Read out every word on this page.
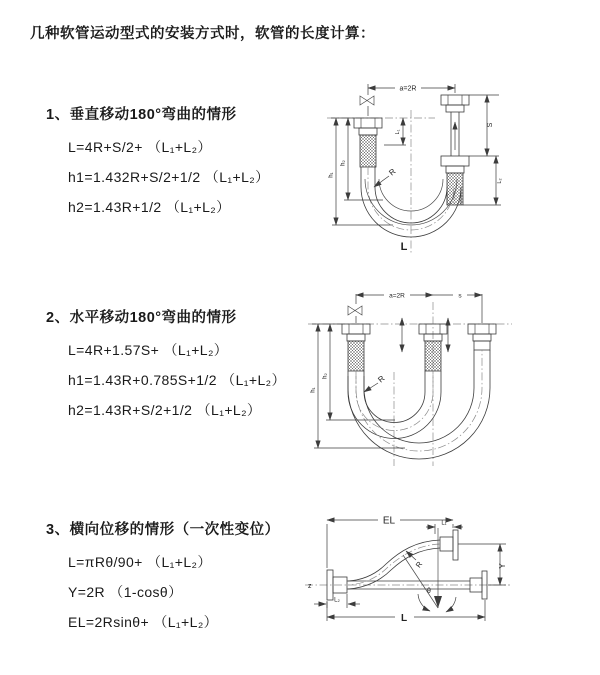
几种软管运动型式的安装方式时，软管的长度计算：
1、垂直移动180°弯曲的情形

L=4R+S/2+ （L₁+L₂）

h1=1.432R+S/2+1/2 （L₁+L₂）

h2=1.43R+1/2 （L₁+L₂）

a=2R
h₁
h₂
L₁
S
L₂
R
L
2、水平移动180°弯曲的情形

L=4R+1.57S+ （L₁+L₂）

h1=1.43R+0.785S+1/2 （L₁+L₂）

h2=1.43R+S/2+1/2 （L₁+L₂）

a=2R	s
h₁
h₂	R
3、横向位移的情形（一次性变位）

L=πRθ/90+ （L₁+L₂）

Y=2R （1-cosθ）

EL=2Rsinθ+ （L₁+L₂）

z
EL	L₁
θ
R	Y
L₂
L
